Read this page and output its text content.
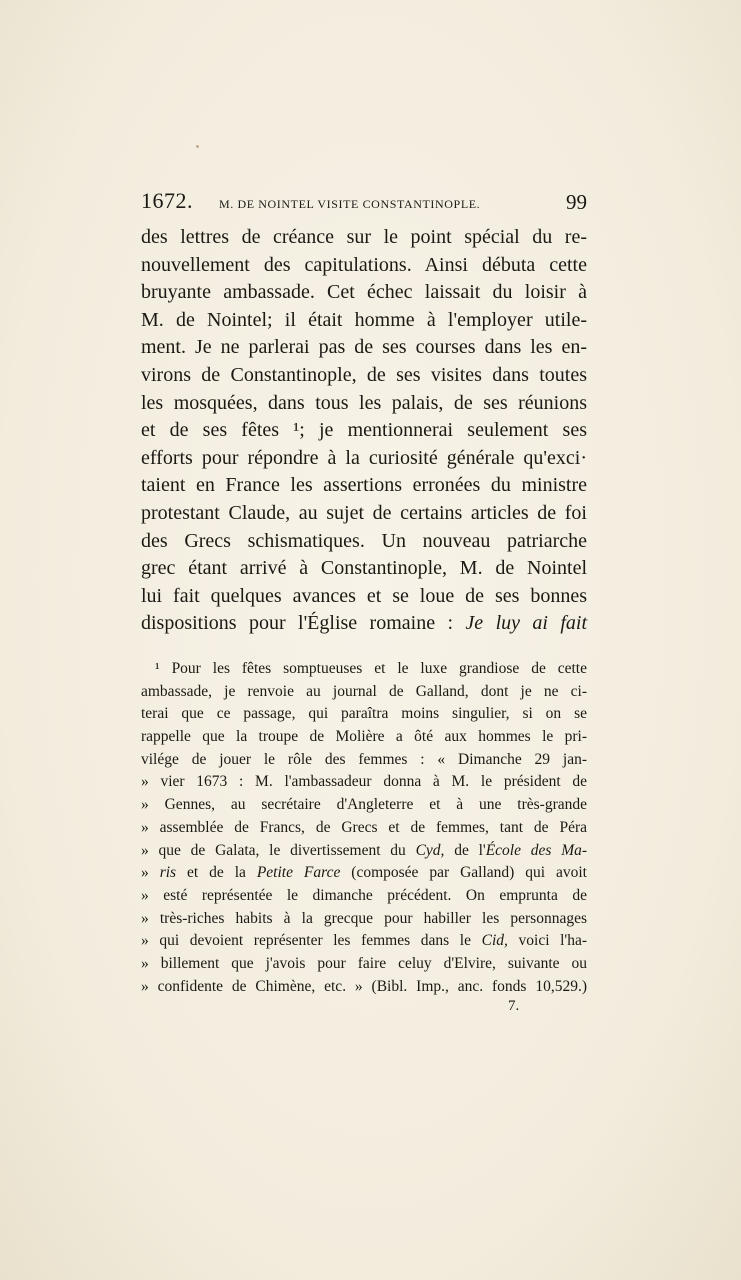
1672. M. DE NOINTEL VISITE CONSTANTINOPLE.	99
des lettres de créance sur le point spécial du re-
nouvellement des capitulations. Ainsi débuta cette
bruyante ambassade. Cet échec laissait du loisir à
M. de Nointel; il était homme à l'employer utile-
ment. Je ne parlerai pas de ses courses dans les en-
virons de Constantinople, de ses visites dans toutes
les mosquées, dans tous les palais, de ses réunions
et de ses fêtes ¹; je mentionnerai seulement ses
efforts pour répondre à la curiosité générale qu'exci·
taient en France les assertions erronées du ministre
protestant Claude, au sujet de certains articles de foi
des Grecs schismatiques. Un nouveau patriarche
grec étant arrivé à Constantinople, M. de Nointel
lui fait quelques avances et se loue de ses bonnes
dispositions pour l'Église romaine : Je luy ai fait
¹ Pour les fêtes somptueuses et le luxe grandiose de cette
ambassade, je renvoie au journal de Galland, dont je ne ci-
terai que ce passage, qui paraîtra moins singulier, si on se
rappelle que la troupe de Molière a ôté aux hommes le pri-
vilége de jouer le rôle des femmes : « Dimanche 29 jan-
» vier 1673 : M. l'ambassadeur donna à M. le président de
» Gennes, au secrétaire d'Angleterre et à une très-grande
» assemblée de Francs, de Grecs et de femmes, tant de Péra
» que de Galata, le divertissement du Cyd, de l'École des Ma-
» ris et de la Petite Farce (composée par Galland) qui avoit
» esté représentée le dimanche précédent. On emprunta de
» très-riches habits à la grecque pour habiller les personnages
» qui devoient représenter les femmes dans le Cid, voici l'ha-
» billement que j'avois pour faire celuy d'Elvire, suivante ou
» confidente de Chimène, etc. » (Bibl. Imp., anc. fonds 10,529.)
7.
